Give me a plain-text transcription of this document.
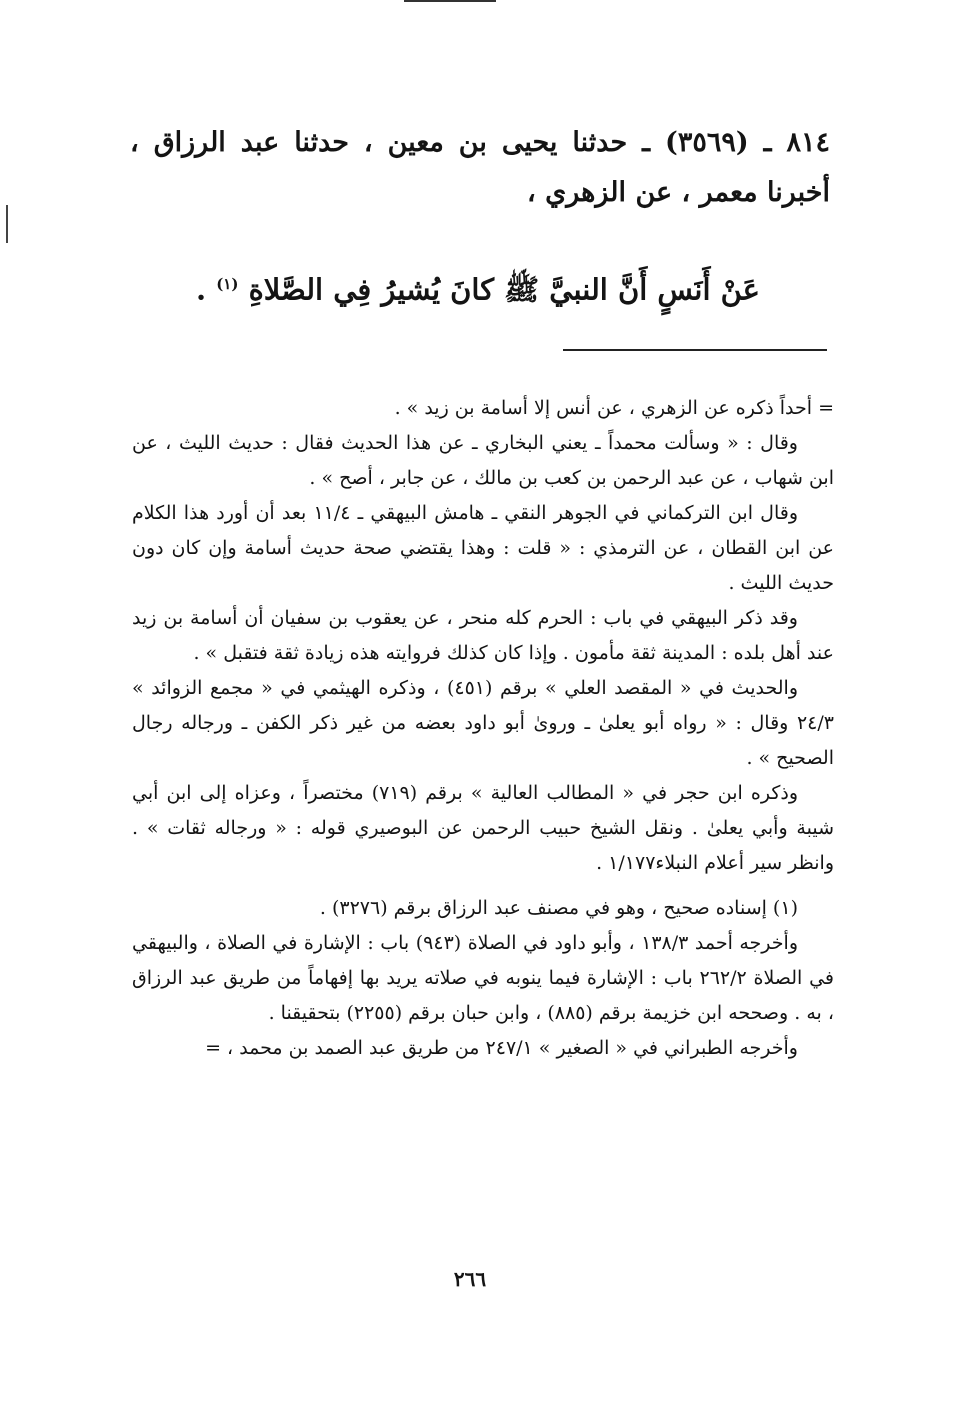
٨١٤ ـ (٣٥٦٩) ـ حدثنا يحيى بن معين ، حدثنا عبد الرزاق ، أخبرنا معمر ، عن الزهري ،

عَنْ أَنَسٍ أَنَّ النبيَّ ﷺ كانَ يُشيرُ فِي الصَّلاةِ $^{(١)}$ .

= أحداً ذكره عن الزهري ، عن أنس إلا أسامة بن زيد » .

وقال : « وسألت محمداً ـ يعني البخاري ـ عن هذا الحديث فقال : حديث الليث ، عن ابن شهاب ، عن عبد الرحمن بن كعب بن مالك ، عن جابر ، أصح » .

وقال ابن التركماني في الجوهر النقي ـ هامش البيهقي ـ ١١/٤ بعد أن أورد هذا الكلام عن ابن القطان ، عن الترمذي : « قلت : وهذا يقتضي صحة حديث أسامة وإن كان دون حديث الليث .

وقد ذكر البيهقي في باب : الحرم كله منحر ، عن يعقوب بن سفيان أن أسامة بن زيد عند أهل بلده : المدينة ثقة مأمون . وإذا كان كذلك فروايته هذه زيادة ثقة فتقبل » .

والحديث في « المقصد العلي » برقم (٤٥١) ، وذكره الهيثمي في « مجمع الزوائد » ٢٤/٣ وقال : « رواه أبو يعلىٰ ـ وروىٰ أبو داود بعضه من غير ذكر الكفن ـ ورجاله رجال الصحيح » .

وذكره ابن حجر في « المطالب العالية » برقم (٧١٩) مختصراً ، وعزاه إلى ابن أبي شيبة وأبي يعلىٰ . ونقل الشيخ حبيب الرحمن عن البوصيري قوله : « ورجاله ثقات » . وانظر سير أعلام النبلاء١/١٧٧ .

(١) إسناده صحيح ، وهو في مصنف عبد الرزاق برقم (٣٢٧٦) .

وأخرجه أحمد ١٣٨/٣ ، وأبو داود في الصلاة (٩٤٣) باب : الإشارة في الصلاة ، والبيهقي في الصلاة ٢٦٢/٢ باب : الإشارة فيما ينوبه في صلاته يريد بها إفهاماً من طريق عبد الرزاق ، به . وصححه ابن خزيمة برقم (٨٨٥) ، وابن حبان برقم (٢٢٥٥) بتحقيقنا .

وأخرجه الطبراني في « الصغير » ٢٤٧/١ من طريق عبد الصمد بن محمد ، =

٢٦٦
